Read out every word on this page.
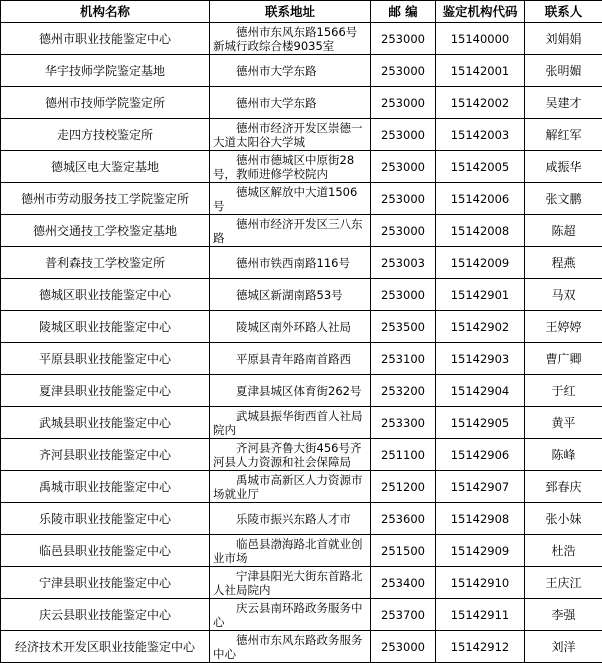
机构名称	联系地址	邮 编	鉴定机构代码	联系人
德州市职业技能鉴定中心	德州市东风东路1566号新城行政综合楼9035室	253000	15140000	刘娟娟
华宇技师学院鉴定基地	德州市大学东路	253000	15142001	张明媚
德州市技师学院鉴定所	德州市大学东路	253000	15142002	吴建才
走四方技校鉴定所	德州市经济开发区崇德一大道太阳谷大学城	253000	15142003	解红军
德城区电大鉴定基地	德州市德城区中原街28号，教师进修学校院内	253000	15142005	咸振华
德州市劳动服务技工学院鉴定所	德城区解放中大道1506号	253000	15142006	张文鹏
德州交通技工学校鉴定基地	德州市经济开发区三八东路	253000	15142008	陈超
普利森技工学校鉴定所	德州市铁西南路116号	253003	15142009	程燕
德城区职业技能鉴定中心	德城区新湖南路53号	253000	15142901	马双
陵城区职业技能鉴定中心	陵城区南外环路人社局	253500	15142902	王婷婷
平原县职业技能鉴定中心	平原县青年路南首路西	253100	15142903	曹广卿
夏津县职业技能鉴定中心	夏津县城区体育街262号	253200	15142904	于红
武城县职业技能鉴定中心	武城县振华街西首人社局院内	253300	15142905	黄平
齐河县职业技能鉴定中心	齐河县齐鲁大街456号齐河县人力资源和社会保障局	251100	15142906	陈峰
禹城市职业技能鉴定中心	禹城市高新区人力资源市场就业厅	251200	15142907	郅春庆
乐陵市职业技能鉴定中心	乐陵市振兴东路人才市	253600	15142908	张小妹
临邑县职业技能鉴定中心	临邑县渤海路北首就业创业市场	251500	15142909	杜浩
宁津县职业技能鉴定中心	宁津县阳光大街东首路北人社局院内	253400	15142910	王庆江
庆云县职业技能鉴定中心	庆云县南环路政务服务中心	253700	15142911	李强
经济技术开发区职业技能鉴定中心	德州市东风东路政务服务中心	253000	15142912	刘洋
